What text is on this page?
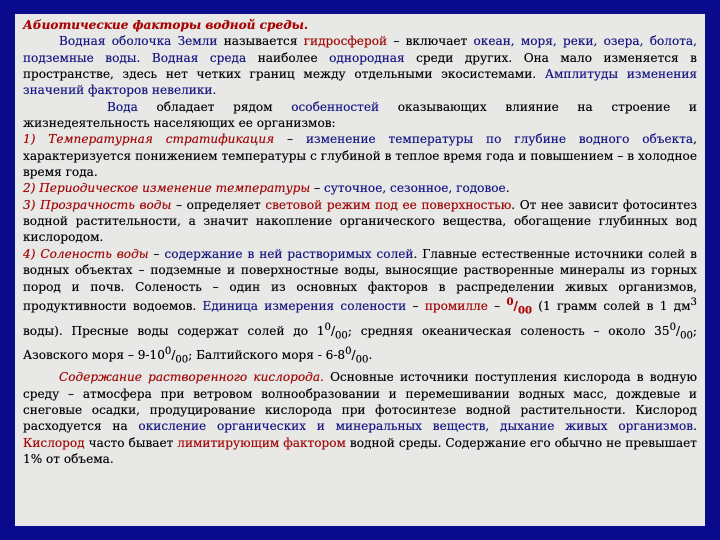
Абиотические факторы водной среды.

Водная оболочка Земли называется гидросферой – включает океан, моря, реки, озера, болота, подземные воды. Водная среда наиболее однородная среди других. Она мало изменяется в пространстве, здесь нет четких границ между отдельными экосистемами. Амплитуды изменения значений факторов невелики.

Вода обладает рядом особенностей оказывающих влияние на строение и жизнедеятельность населяющих ее организмов:

1) Температурная стратификация – изменение температуры по глубине водного объекта, характеризуется понижением температуры с глубиной в теплое время года и повышением – в холодное время года.

2) Периодическое изменение температуры – суточное, сезонное, годовое.

3) Прозрачность воды – определяет световой режим под ее поверхностью. От нее зависит фотосинтез водной растительности, а значит накопление органического вещества, обогащение глубинных вод кислородом.

4) Соленость воды – содержание в ней растворимых солей. Главные естественные источники солей в водных объектах – подземные и поверхностные воды, выносящие растворенные минералы из горных пород и почв. Соленость – один из основных факторов в распределении живых организмов, продуктивности водоемов. Единица измерения солености – промилле – $^0/_{00}$ (1 грамм солей в 1 $дм^3$ воды). Пресные воды содержат солей до $1^0/_{00}$; средняя океаническая соленость – около $35^0/_{00}$; Азовского моря – $9-10^0/_{00}$; Балтийского моря - $6-8^0/_{00}$.

Содержание растворенного кислорода. Основные источники поступления кислорода в водную среду – атмосфера при ветровом волнообразовании и перемешивании водных масс, дождевые и снеговые осадки, продуцирование кислорода при фотосинтезе водной растительности. Кислород расходуется на окисление органических и минеральных веществ, дыхание живых организмов. Кислород часто бывает лимитирующим фактором водной среды. Содержание его обычно не превышает 1% от объема.
